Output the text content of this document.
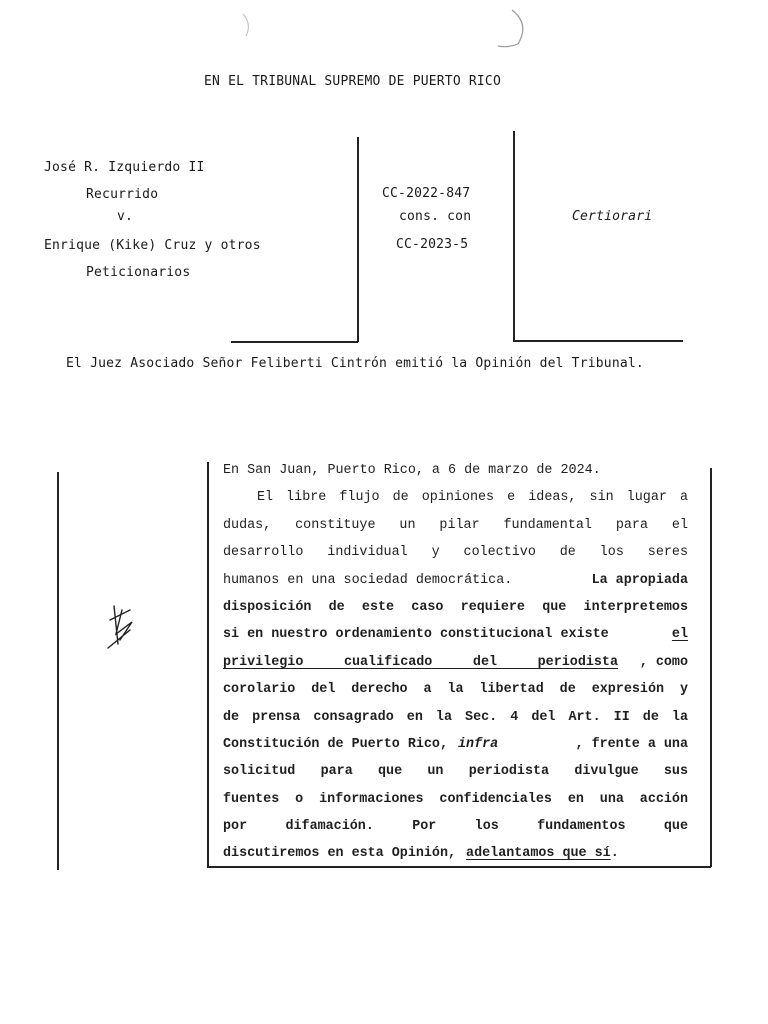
EN EL TRIBUNAL SUPREMO DE PUERTO RICO
José R. Izquierdo II
Recurrido
v.
Enrique (Kike) Cruz y otros
Peticionarios
CC-2022-847
cons. con
CC-2023-5
Certiorari
El Juez Asociado Señor Feliberti Cintrón emitió la Opinión del Tribunal.
En San Juan, Puerto Rico, a 6 de marzo de 2024.
El libre flujo de opiniones e ideas, sin lugar a
dudas, constituye un pilar fundamental para el
desarrollo individual y colectivo de los seres
humanos en una sociedad democrática.	La apropiada
disposición de este caso requiere que interpretemos
si en nuestro ordenamiento constitucional existe	el
privilegio cualificado del periodista	, como
corolario del derecho a la libertad de expresión y
de prensa consagrado en la Sec. 4 del Art. II de la
Constitución de Puerto Rico, infra	, frente a una
solicitud para que un periodista divulgue sus
fuentes o informaciones confidenciales en una acción
por difamación. Por los fundamentos que
discutiremos en esta Opinión, adelantamos que sí .
